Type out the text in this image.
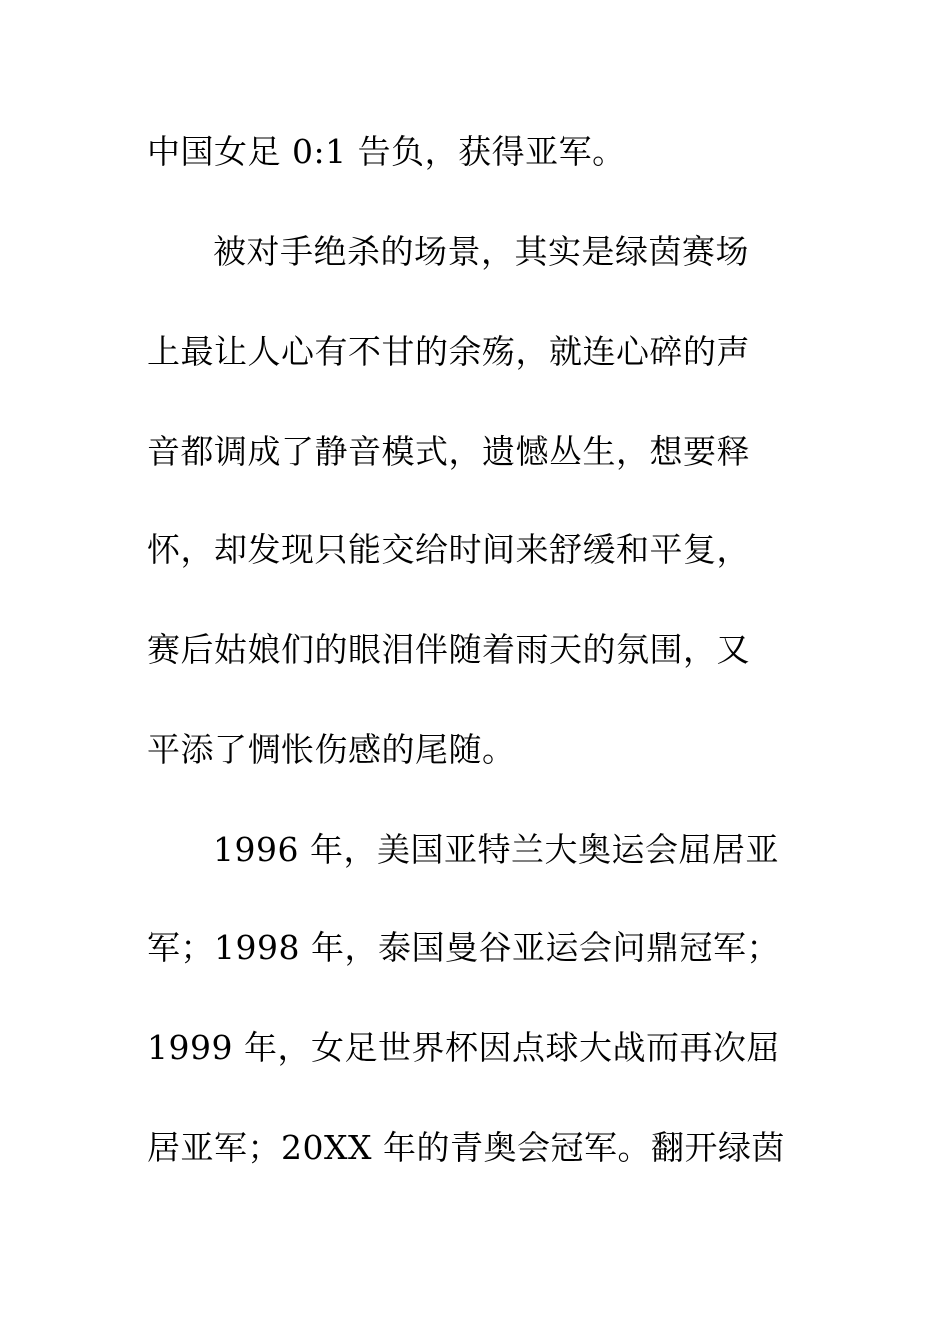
中国女足 0:1 告负，获得亚军。
被对手绝杀的场景，其实是绿茵赛场
上最让人心有不甘的余殇，就连心碎的声
音都调成了静音模式，遗憾丛生，想要释
怀，却发现只能交给时间来舒缓和平复，
赛后姑娘们的眼泪伴随着雨天的氛围，又
平添了惆怅伤感的尾随。
1996 年，美国亚特兰大奥运会屈居亚
军；1998 年，泰国曼谷亚运会问鼎冠军；
1999 年，女足世界杯因点球大战而再次屈
居亚军；20XX 年的青奥会冠军。翻开绿茵
